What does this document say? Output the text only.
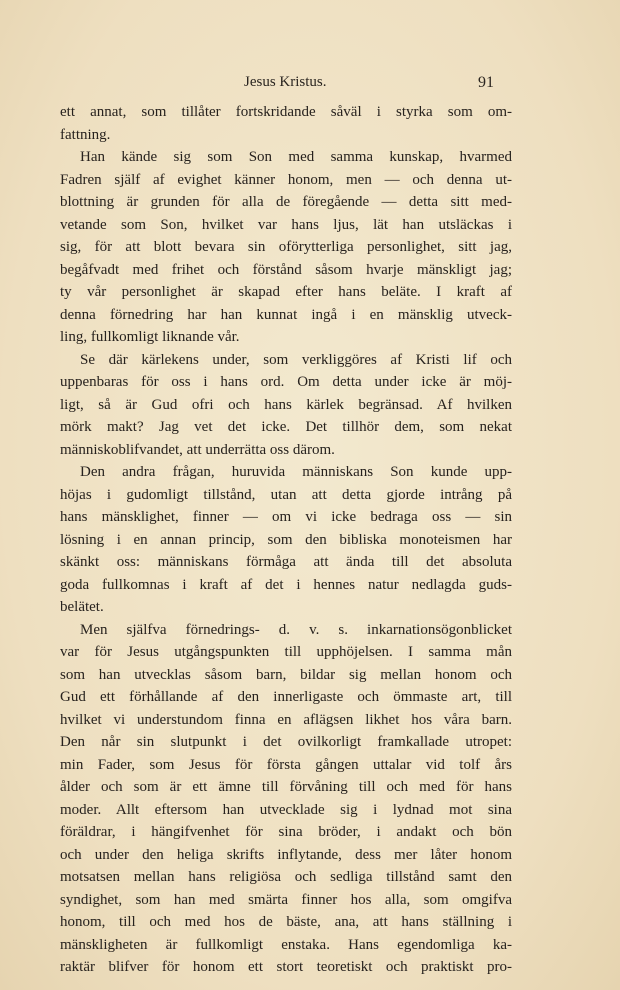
Jesus Kristus.	91
ett annat, som tillåter fortskridande såväl i styrka som om-
fattning.
Han kände sig som Son med samma kunskap, hvarmed
Fadren själf af evighet känner honom, men — och denna ut-
blottning är grunden för alla de föregående — detta sitt med-
vetande som Son, hvilket var hans ljus, lät han utsläckas i
sig, för att blott bevara sin oförytterliga personlighet, sitt jag,
begåfvadt med frihet och förstånd såsom hvarje mänskligt jag;
ty vår personlighet är skapad efter hans beläte. I kraft af
denna förnedring har han kunnat ingå i en mänsklig utveck-
ling, fullkomligt liknande vår.
Se där kärlekens under, som verkliggöres af Kristi lif och
uppenbaras för oss i hans ord. Om detta under icke är möj-
ligt, så är Gud ofri och hans kärlek begränsad. Af hvilken
mörk makt? Jag vet det icke. Det tillhör dem, som nekat
människoblifvandet, att underrätta oss därom.
Den andra frågan, huruvida människans Son kunde upp-
höjas i gudomligt tillstånd, utan att detta gjorde intrång på
hans mänsklighet, finner — om vi icke bedraga oss — sin
lösning i en annan princip, som den bibliska monoteismen har
skänkt oss: människans förmåga att ända till det absoluta
goda fullkomnas i kraft af det i hennes natur nedlagda guds-
belätet.
Men själfva förnedrings- d. v. s. inkarnationsögonblicket
var för Jesus utgångspunkten till upphöjelsen. I samma mån
som han utvecklas såsom barn, bildar sig mellan honom och
Gud ett förhållande af den innerligaste och ömmaste art, till
hvilket vi understundom finna en aflägsen likhet hos våra barn.
Den når sin slutpunkt i det ovilkorligt framkallade utropet:
min Fader, som Jesus för första gången uttalar vid tolf års
ålder och som är ett ämne till förvåning till och med för hans
moder. Allt eftersom han utvecklade sig i lydnad mot sina
föräldrar, i hängifvenhet för sina bröder, i andakt och bön
och under den heliga skrifts inflytande, dess mer låter honom
motsatsen mellan hans religiösa och sedliga tillstånd samt den
syndighet, som han med smärta finner hos alla, som omgifva
honom, till och med hos de bäste, ana, att hans ställning i
mänskligheten är fullkomligt enstaka. Hans egendomliga ka-
raktär blifver för honom ett stort teoretiskt och praktiskt pro-
